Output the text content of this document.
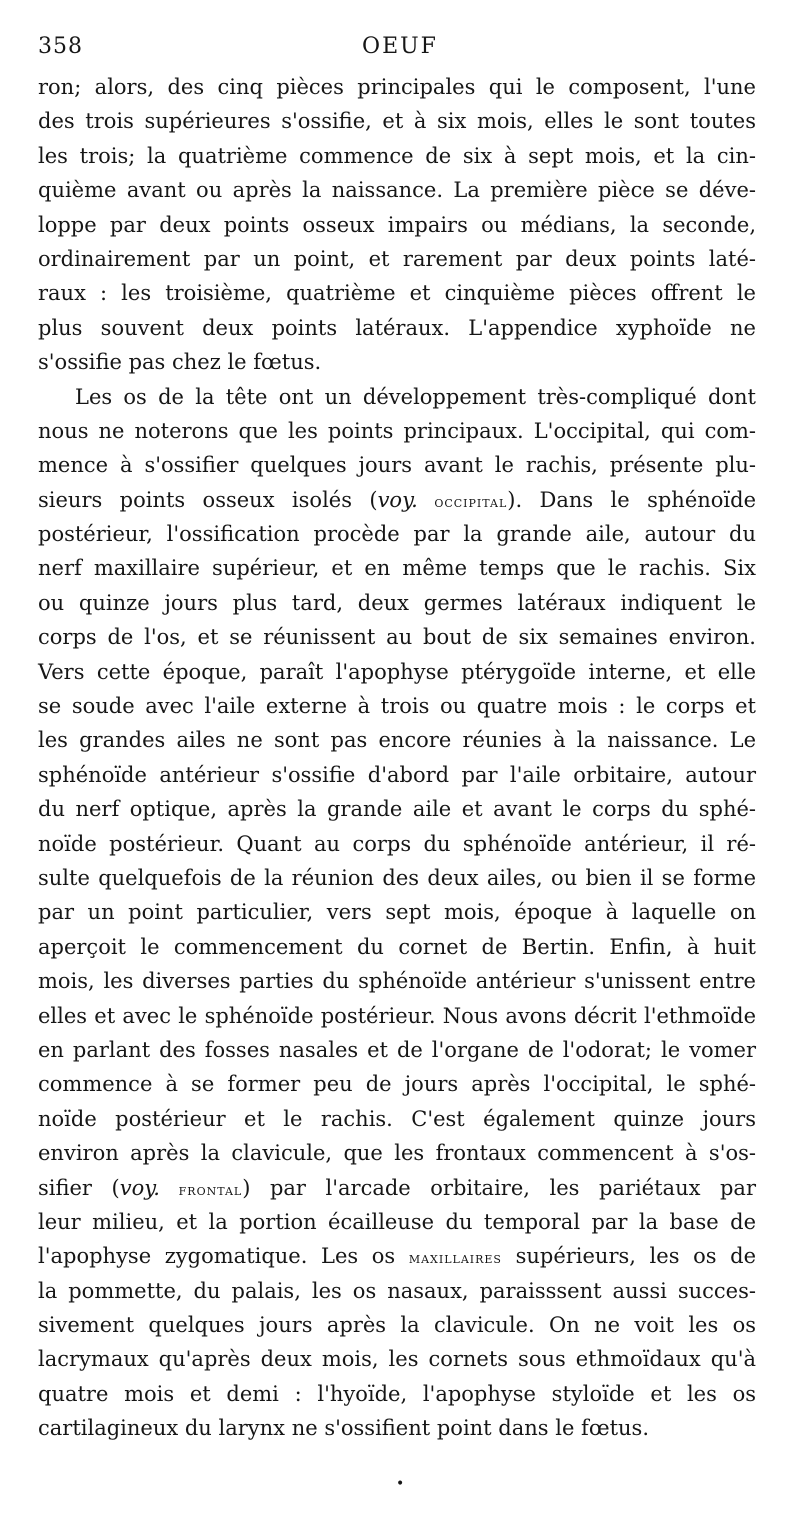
358	OEUF
ron; alors, des cinq pièces principales qui le composent, l'une
des trois supérieures s'ossifie, et à six mois, elles le sont toutes
les trois; la quatrième commence de six à sept mois, et la cin-
quième avant ou après la naissance. La première pièce se déve-
loppe par deux points osseux impairs ou médians, la seconde,
ordinairement par un point, et rarement par deux points laté-
raux : les troisième, quatrième et cinquième pièces offrent le
plus souvent deux points latéraux. L'appendice xyphoïde ne
s'ossifie pas chez le fœtus.
Les os de la tête ont un développement très-compliqué dont
nous ne noterons que les points principaux. L'occipital, qui com-
mence à s'ossifier quelques jours avant le rachis, présente plu-
sieurs points osseux isolés (voy. occipital). Dans le sphénoïde
postérieur, l'ossification procède par la grande aile, autour du
nerf maxillaire supérieur, et en même temps que le rachis. Six
ou quinze jours plus tard, deux germes latéraux indiquent le
corps de l'os, et se réunissent au bout de six semaines environ.
Vers cette époque, paraît l'apophyse ptérygoïde interne, et elle
se soude avec l'aile externe à trois ou quatre mois : le corps et
les grandes ailes ne sont pas encore réunies à la naissance. Le
sphénoïde antérieur s'ossifie d'abord par l'aile orbitaire, autour
du nerf optique, après la grande aile et avant le corps du sphé-
noïde postérieur. Quant au corps du sphénoïde antérieur, il ré-
sulte quelquefois de la réunion des deux ailes, ou bien il se forme
par un point particulier, vers sept mois, époque à laquelle on
aperçoit le commencement du cornet de Bertin. Enfin, à huit
mois, les diverses parties du sphénoïde antérieur s'unissent entre
elles et avec le sphénoïde postérieur. Nous avons décrit l'ethmoïde
en parlant des fosses nasales et de l'organe de l'odorat; le vomer
commence à se former peu de jours après l'occipital, le sphé-
noïde postérieur et le rachis. C'est également quinze jours
environ après la clavicule, que les frontaux commencent à s'os-
sifier (voy. frontal) par l'arcade orbitaire, les pariétaux par
leur milieu, et la portion écailleuse du temporal par la base de
l'apophyse zygomatique. Les os maxillaires supérieurs, les os de
la pommette, du palais, les os nasaux, paraisssent aussi succes-
sivement quelques jours après la clavicule. On ne voit les os
lacrymaux qu'après deux mois, les cornets sous ethmoïdaux qu'à
quatre mois et demi : l'hyoïde, l'apophyse styloïde et les os
cartilagineux du larynx ne s'ossifient point dans le fœtus.
•
